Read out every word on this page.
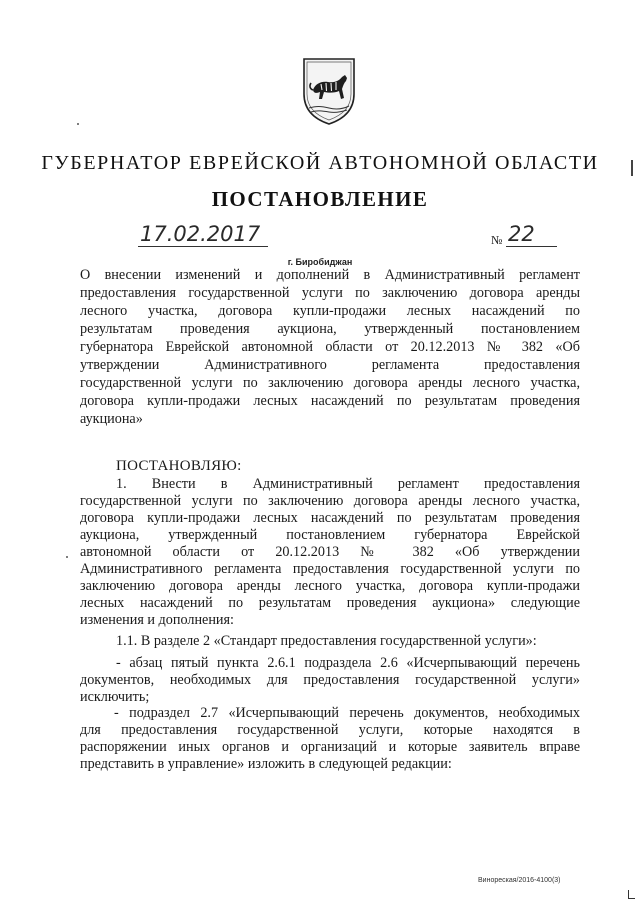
ГУБЕРНАТОР ЕВРЕЙСКОЙ АВТОНОМНОЙ ОБЛАСТИ
ПОСТАНОВЛЕНИЕ
17.02.2017	№ 22
г. Биробиджан
О внесении изменений и дополнений в Административный регламент
предоставления государственной услуги по заключению договора аренды
лесного участка, договора купли-продажи лесных насаждений по
результатам проведения аукциона, утвержденный постановлением
губернатора Еврейской автономной области от 20.12.2013 № 382 «Об
утверждении Административного регламента предоставления
государственной услуги по заключению договора аренды лесного участка,
договора купли-продажи лесных насаждений по результатам проведения
аукциона»
ПОСТАНОВЛЯЮ:
1. Внести в Административный регламент предоставления
государственной услуги по заключению договора аренды лесного участка,
договора купли-продажи лесных насаждений по результатам проведения
аукциона, утвержденный постановлением губернатора Еврейской
автономной области от 20.12.2013 № 382 «Об утверждении
Административного регламента предоставления государственной услуги по
заключению договора аренды лесного участка, договора купли-продажи
лесных насаждений по результатам проведения аукциона» следующие
изменения и дополнения:
1.1. В разделе 2 «Стандарт предоставления государственной услуги»:
- абзац пятый пункта 2.6.1 подраздела 2.6 «Исчерпывающий перечень
документов, необходимых для предоставления государственной услуги»
исключить;
- подраздел 2.7 «Исчерпывающий перечень документов, необходимых
для предоставления государственной услуги, которые находятся в
распоряжении иных органов и организаций и которые заявитель вправе
представить в управление» изложить в следующей редакции:
Винореская/2016-4100(3)
